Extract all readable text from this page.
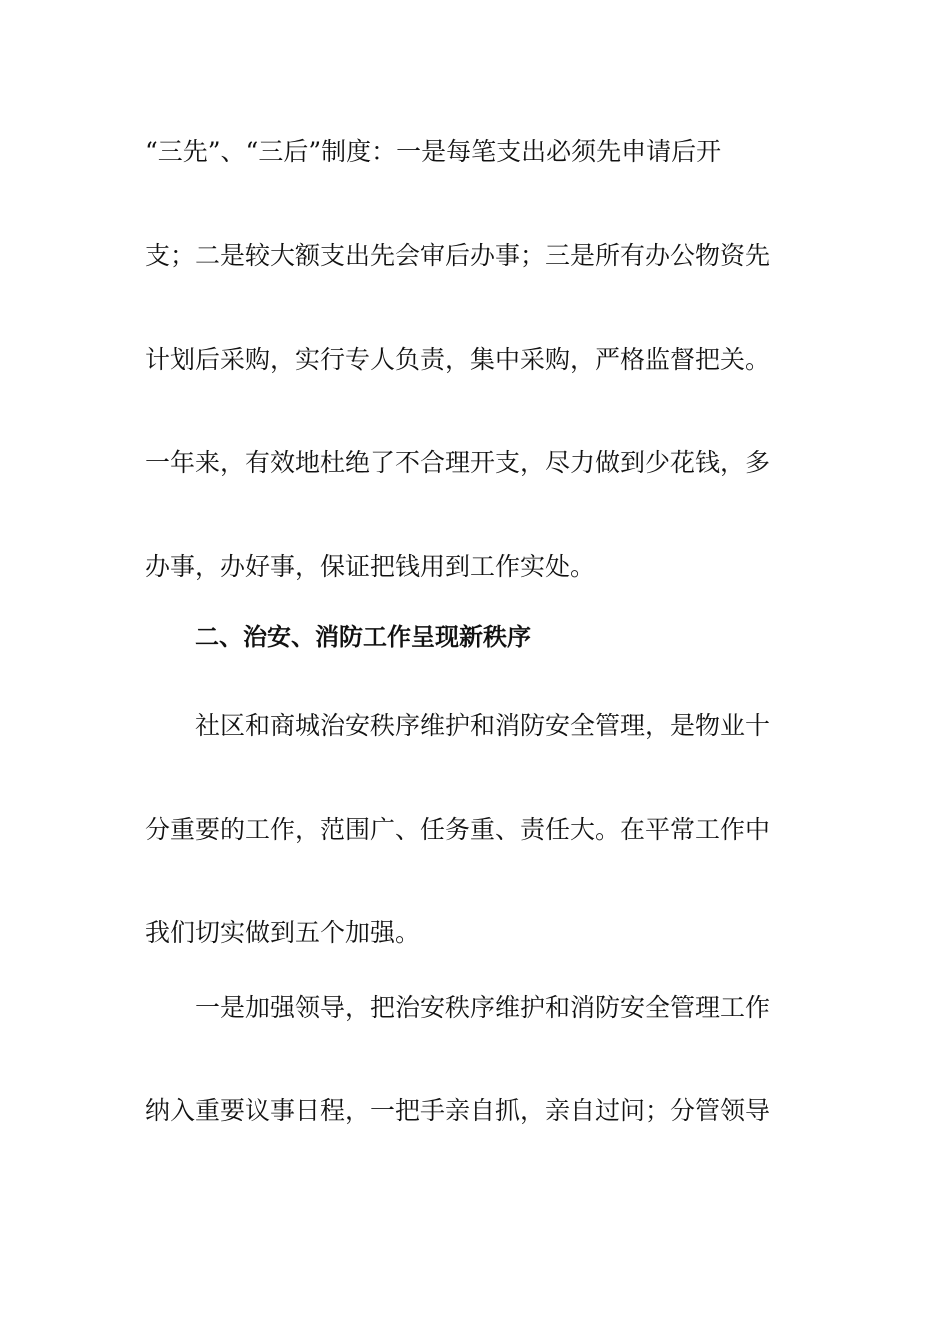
“三先”、“三后”制度：一是每笔支出必须先申请后开
支；二是较大额支出先会审后办事；三是所有办公物资先
计划后采购，实行专人负责，集中采购，严格监督把关。
一年来，有效地杜绝了不合理开支，尽力做到少花钱，多
办事，办好事，保证把钱用到工作实处。
二、治安、消防工作呈现新秩序
社区和商城治安秩序维护和消防安全管理，是物业十
分重要的工作，范围广、任务重、责任大。在平常工作中
我们切实做到五个加强。
一是加强领导，把治安秩序维护和消防安全管理工作
纳入重要议事日程，一把手亲自抓，亲自过问；分管领导
